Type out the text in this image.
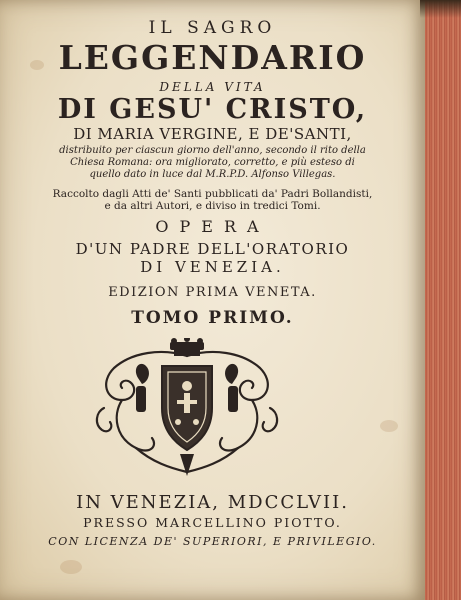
IL SAGRO
LEGGENDARIO
DELLA VITA
DI GESU' CRISTO,
DI MARIA VERGINE, E DE'SANTI,
distribuito per ciascun giorno dell'anno, secondo il rito della
Chiesa Romana: ora migliorato, corretto, e più esteso di
quello dato in luce dal M.R.P.D. Alfonso Villegas.
Raccolto dagli Atti de' Santi pubblicati da' Padri Bollandisti,
e da altri Autori, e diviso in tredici Tomi.
OPERA
D'UN PADRE DELL'ORATORIO
DI VENEZIA.
EDIZION PRIMA VENETA.
TOMO PRIMO.
IN VENEZIA, MDCCLVII.
PRESSO MARCELLINO PIOTTO.
CON LICENZA DE' SUPERIORI, E PRIVILEGIO.
